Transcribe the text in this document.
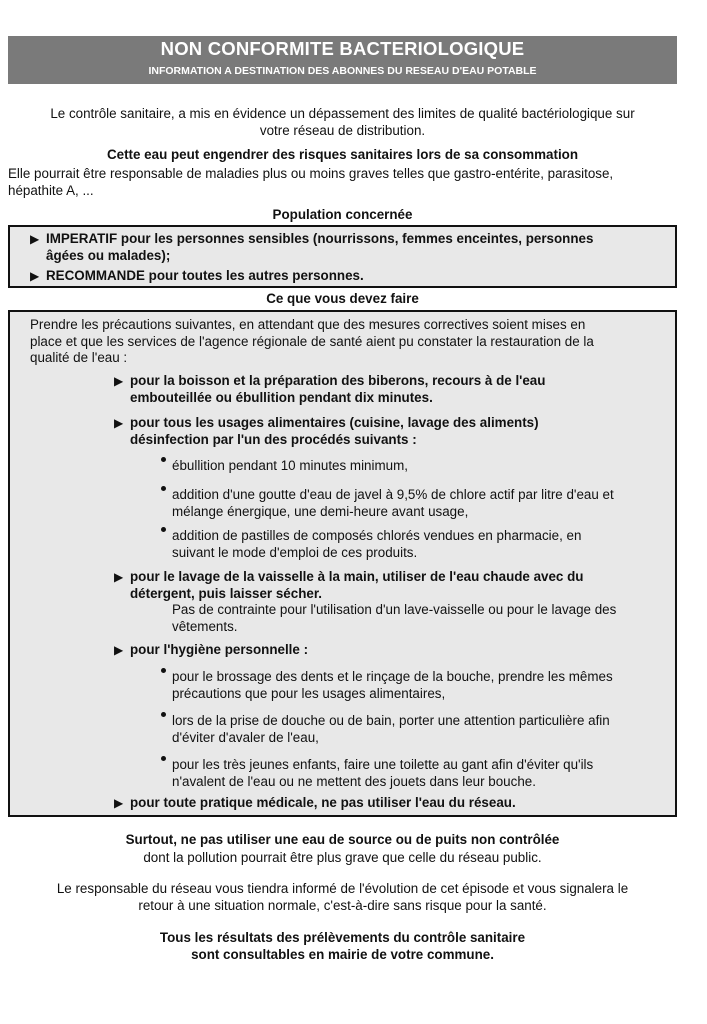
NON CONFORMITE BACTERIOLOGIQUE
INFORMATION A DESTINATION DES ABONNES DU RESEAU D'EAU POTABLE
Le contrôle sanitaire, a mis en évidence un dépassement des limites de qualité bactériologique sur
votre réseau de distribution.
Cette eau peut engendrer des risques sanitaires lors de sa consommation
Elle pourrait être responsable de maladies plus ou moins graves telles que gastro-entérite, parasitose,
hépathite A, ...
Population concernée
▶ IMPERATIF pour les personnes sensibles (nourrissons, femmes enceintes, personnes
âgées ou malades);
▶ RECOMMANDE pour toutes les autres personnes.
Ce que vous devez faire
Prendre les précautions suivantes, en attendant que des mesures correctives soient mises en
place et que les services de l'agence régionale de santé aient pu constater la restauration de la
qualité de l'eau :
▶ pour la boisson et la préparation des biberons, recours à de l'eau
embouteillée ou ébullition pendant dix minutes.
▶ pour tous les usages alimentaires (cuisine, lavage des aliments)
désinfection par l'un des procédés suivants :
ébullition pendant 10 minutes minimum,
addition d'une goutte d'eau de javel à 9,5% de chlore actif par litre d'eau et
mélange énergique, une demi-heure avant usage,
addition de pastilles de composés chlorés vendues en pharmacie, en
suivant le mode d'emploi de ces produits.
▶ pour le lavage de la vaisselle à la main, utiliser de l'eau chaude avec du
détergent, puis laisser sécher.
Pas de contrainte pour l'utilisation d'un lave-vaisselle ou pour le lavage des
vêtements.
▶ pour l'hygiène personnelle :
pour le brossage des dents et le rinçage de la bouche, prendre les mêmes
précautions que pour les usages alimentaires,
lors de la prise de douche ou de bain, porter une attention particulière afin
d'éviter d'avaler de l'eau,
pour les très jeunes enfants, faire une toilette au gant afin d'éviter qu'ils
n'avalent de l'eau ou ne mettent des jouets dans leur bouche.
▶ pour toute pratique médicale, ne pas utiliser l'eau du réseau.
Surtout, ne pas utiliser une eau de source ou de puits non contrôlée
dont la pollution pourrait être plus grave que celle du réseau public.
Le responsable du réseau vous tiendra informé de l'évolution de cet épisode et vous signalera le
retour à une situation normale, c'est-à-dire sans risque pour la santé.
Tous les résultats des prélèvements du contrôle sanitaire
sont consultables en mairie de votre commune.
